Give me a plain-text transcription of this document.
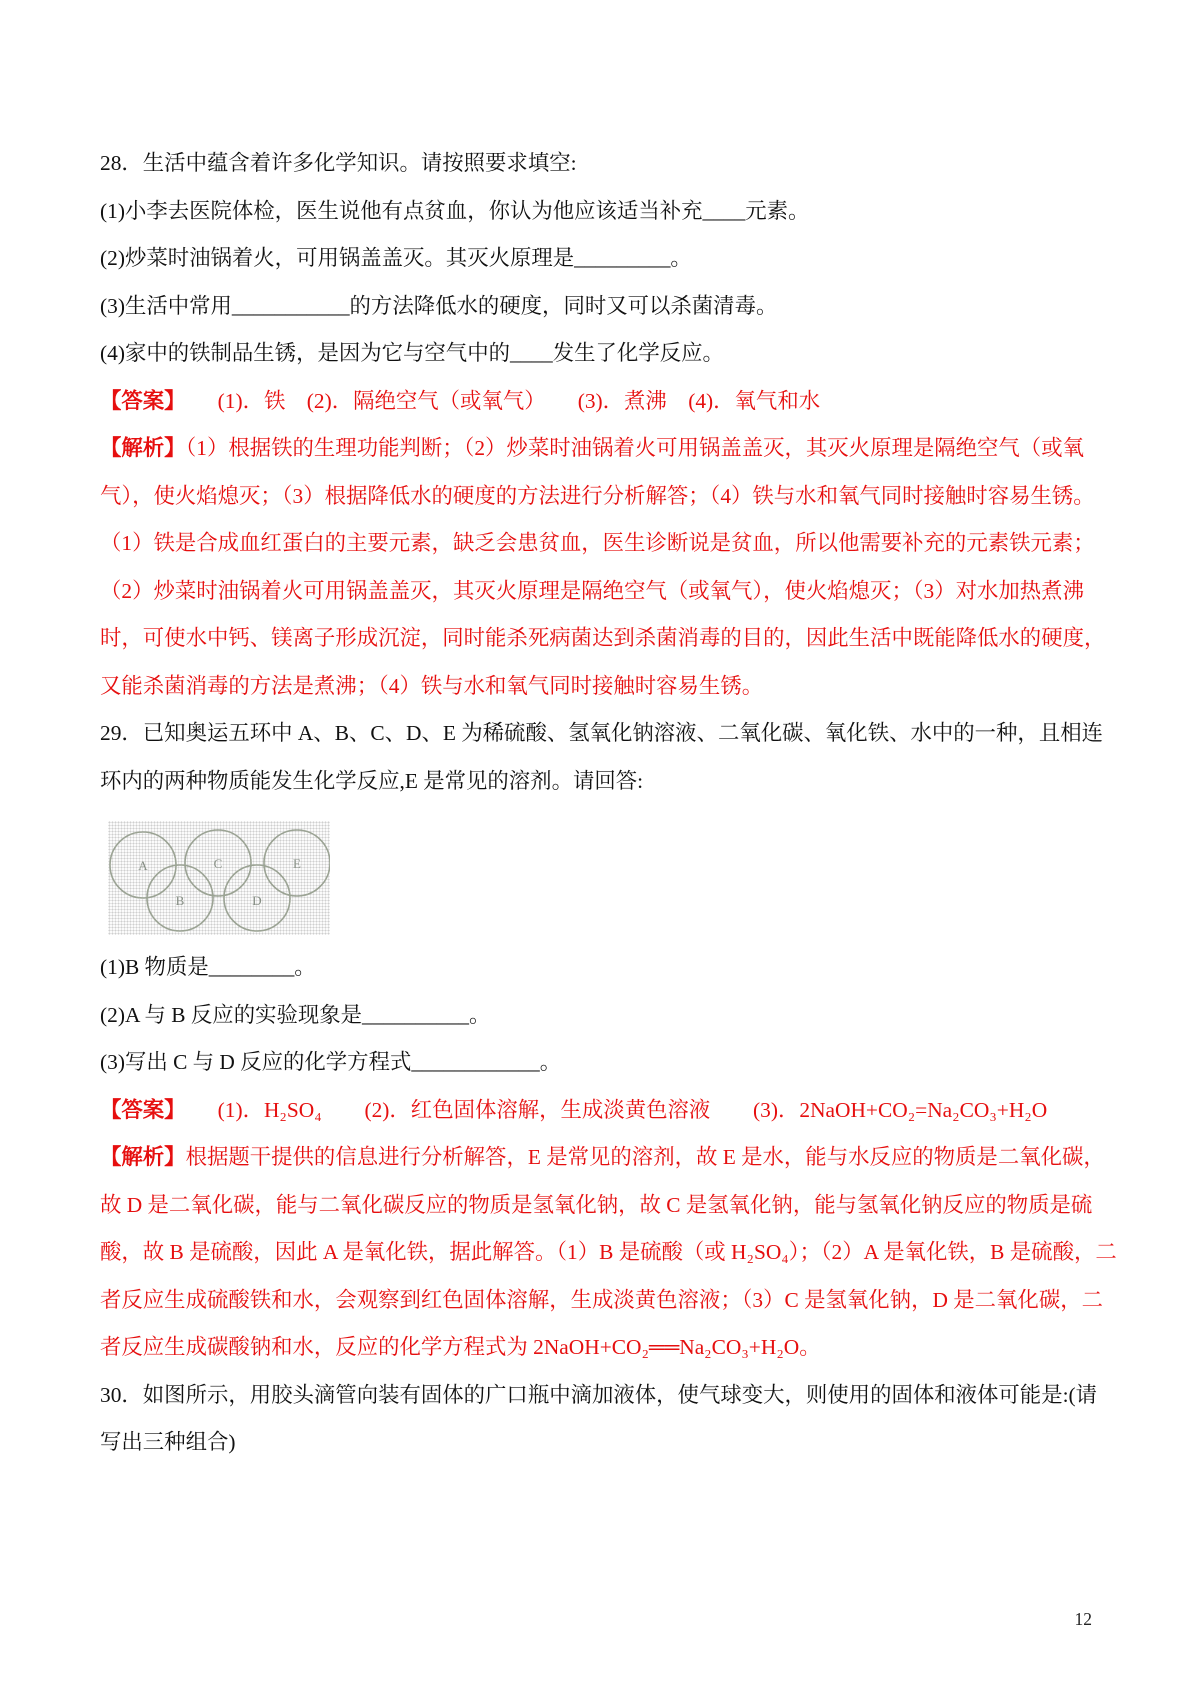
28．生活中蕴含着许多化学知识。请按照要求填空:
(1)小李去医院体检，医生说他有点贫血，你认为他应该适当补充____元素。
(2)炒菜时油锅着火，可用锅盖盖灭。其灭火原理是_________。
(3)生活中常用___________的方法降低水的硬度，同时又可以杀菌清毒。
(4)家中的铁制品生锈，是因为它与空气中的____发生了化学反应。
【答案】　　(1)．铁　(2)．隔绝空气（或氧气）　　(3)．煮沸　(4)．氧气和水
【解析】（1）根据铁的生理功能判断；（2）炒菜时油锅着火可用锅盖盖灭，其灭火原理是隔绝空气（或氧
气），使火焰熄灭；（3）根据降低水的硬度的方法进行分析解答；（4）铁与水和氧气同时接触时容易生锈。
（1）铁是合成血红蛋白的主要元素，缺乏会患贫血，医生诊断说是贫血，所以他需要补充的元素铁元素；
（2）炒菜时油锅着火可用锅盖盖灭，其灭火原理是隔绝空气（或氧气），使火焰熄灭；（3）对水加热煮沸
时，可使水中钙、镁离子形成沉淀，同时能杀死病菌达到杀菌消毒的目的，因此生活中既能降低水的硬度，
又能杀菌消毒的方法是煮沸；（4）铁与水和氧气同时接触时容易生锈。
29．已知奥运五环中 A、B、C、D、E 为稀硫酸、氢氧化钠溶液、二氧化碳、氧化铁、水中的一种，且相连
环内的两种物质能发生化学反应,E 是常见的溶剂。请回答:
A	C	E
B	D
(1)B 物质是________。
(2)A 与 B 反应的实验现象是__________。
(3)写出 C 与 D 反应的化学方程式____________。
【答案】　　(1)．H₂SO₄　　(2)．红色固体溶解，生成淡黄色溶液　　(3)．2NaOH+CO₂=Na₂CO₃+H₂O
【解析】根据题干提供的信息进行分析解答，E 是常见的溶剂，故 E 是水，能与水反应的物质是二氧化碳，
故 D 是二氧化碳，能与二氧化碳反应的物质是氢氧化钠，故 C 是氢氧化钠，能与氢氧化钠反应的物质是硫
酸，故 B 是硫酸，因此 A 是氧化铁，据此解答。（1）B 是硫酸（或 H₂SO₄）；（2）A 是氧化铁，B 是硫酸，二
者反应生成硫酸铁和水，会观察到红色固体溶解，生成淡黄色溶液；（3）C 是氢氧化钠，D 是二氧化碳，二
者反应生成碳酸钠和水，反应的化学方程式为 2NaOH+CO₂══Na₂CO₃+H₂O。
30．如图所示，用胶头滴管向装有固体的广口瓶中滴加液体，使气球变大，则使用的固体和液体可能是:(请
写出三种组合)
12
